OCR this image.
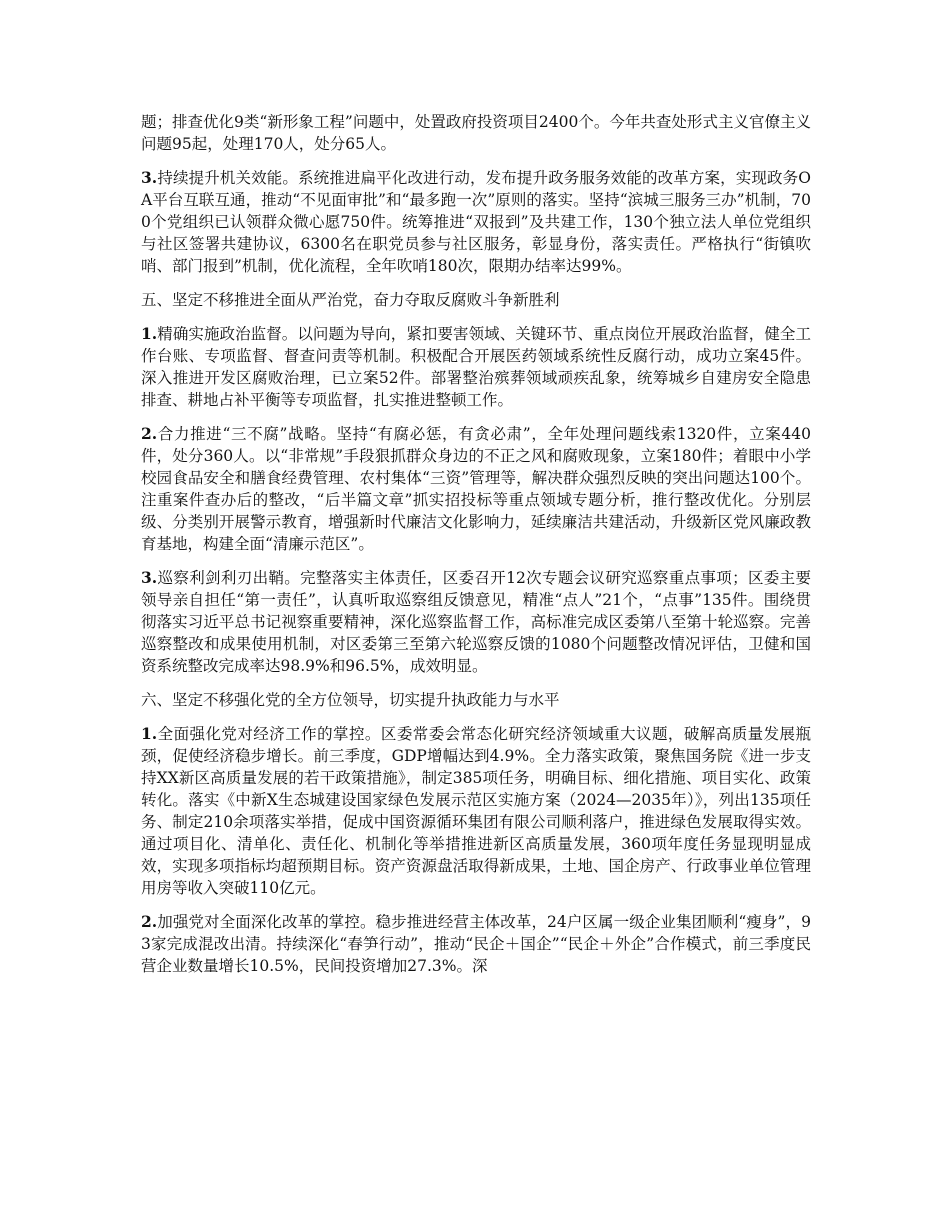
题；排查优化9类“新形象工程”问题中，处置政府投资项目2400个。今年共查处形式主义官僚主义问题95起，处理170人，处分65人。

3.持续提升机关效能。系统推进扁平化改进行动，发布提升政务服务效能的改革方案，实现政务OA平台互联互通，推动“不见面审批”和“最多跑一次”原则的落实。坚持“滨城三服务三办”机制，700个党组织已认领群众微心愿750件。统筹推进“双报到”及共建工作，130个独立法人单位党组织与社区签署共建协议，6300名在职党员参与社区服务，彰显身份，落实责任。严格执行“街镇吹哨、部门报到”机制，优化流程，全年吹哨180次，限期办结率达99%。

五、坚定不移推进全面从严治党，奋力夺取反腐败斗争新胜利

1.精确实施政治监督。以问题为导向，紧扣要害领域、关键环节、重点岗位开展政治监督，健全工作台账、专项监督、督查问责等机制。积极配合开展医药领域系统性反腐行动，成功立案45件。深入推进开发区腐败治理，已立案52件。部署整治殡葬领域顽疾乱象，统筹城乡自建房安全隐患排查、耕地占补平衡等专项监督，扎实推进整顿工作。

2.合力推进“三不腐”战略。坚持“有腐必惩，有贪必肃”，全年处理问题线索1320件，立案440件，处分360人。以“非常规”手段狠抓群众身边的不正之风和腐败现象，立案180件；着眼中小学校园食品安全和膳食经费管理、农村集体“三资”管理等，解决群众强烈反映的突出问题达100个。注重案件查办后的整改，“后半篇文章”抓实招投标等重点领域专题分析，推行整改优化。分别层级、分类别开展警示教育，增强新时代廉洁文化影响力，延续廉洁共建活动，升级新区党风廉政教育基地，构建全面“清廉示范区”。

3.巡察利剑利刃出鞘。完整落实主体责任，区委召开12次专题会议研究巡察重点事项；区委主要领导亲自担任“第一责任”，认真听取巡察组反馈意见，精准“点人”21个，“点事”135件。围绕贯彻落实习近平总书记视察重要精神，深化巡察监督工作，高标准完成区委第八至第十轮巡察。完善巡察整改和成果使用机制，对区委第三至第六轮巡察反馈的1080个问题整改情况评估，卫健和国资系统整改完成率达98.9%和96.5%，成效明显。

六、坚定不移强化党的全方位领导，切实提升执政能力与水平

1.全面强化党对经济工作的掌控。区委常委会常态化研究经济领域重大议题，破解高质量发展瓶颈，促使经济稳步增长。前三季度，GDP增幅达到4.9%。全力落实政策，聚焦国务院《进一步支持XX新区高质量发展的若干政策措施》，制定385项任务，明确目标、细化措施、项目实化、政策转化。落实《中新X生态城建设国家绿色发展示范区实施方案（2024—2035年）》，列出135项任务、制定210余项落实举措，促成中国资源循环集团有限公司顺利落户，推进绿色发展取得实效。通过项目化、清单化、责任化、机制化等举措推进新区高质量发展，360项年度任务显现明显成效，实现多项指标均超预期目标。资产资源盘活取得新成果，土地、国企房产、行政事业单位管理用房等收入突破110亿元。

2.加强党对全面深化改革的掌控。稳步推进经营主体改革，24户区属一级企业集团顺利“瘦身”，93家完成混改出清。持续深化“春笋行动”，推动“民企＋国企”“民企＋外企”合作模式，前三季度民营企业数量增长10.5%，民间投资增加27.3%。深
